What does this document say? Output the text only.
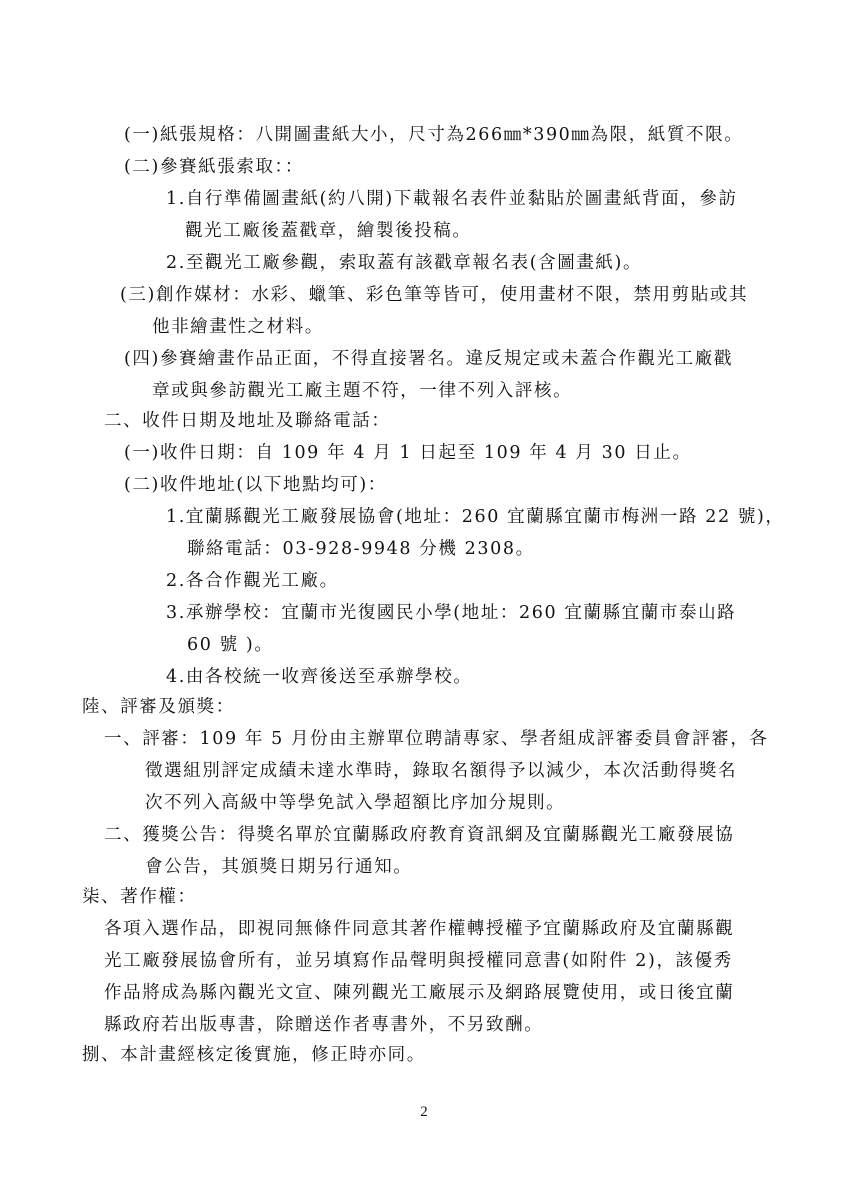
(一)紙張規格：八開圖畫紙大小，尺寸為266㎜*390㎜為限，紙質不限。
(二)參賽紙張索取：：
1.自行準備圖畫紙(約八開)下載報名表件並黏貼於圖畫紙背面，參訪
觀光工廠後蓋戳章，繪製後投稿。
2.至觀光工廠參觀，索取蓋有該戳章報名表(含圖畫紙)。
(三)創作媒材：水彩、蠟筆、彩色筆等皆可，使用畫材不限，禁用剪貼或其
他非繪畫性之材料。
(四)參賽繪畫作品正面，不得直接署名。違反規定或未蓋合作觀光工廠戳
章或與參訪觀光工廠主題不符，一律不列入評核。
二、收件日期及地址及聯絡電話：
(一)收件日期：自 109 年 4 月 1 日起至 109 年 4 月 30 日止。
(二)收件地址(以下地點均可)：
1.宜蘭縣觀光工廠發展協會(地址：260 宜蘭縣宜蘭市梅洲一路 22 號)，
聯絡電話：03-928-9948 分機 2308。
2.各合作觀光工廠。
3.承辦學校：宜蘭市光復國民小學(地址：260 宜蘭縣宜蘭市泰山路
60 號 )。
4.由各校統一收齊後送至承辦學校。
陸、評審及頒獎：
一、評審：109 年 5 月份由主辦單位聘請專家、學者組成評審委員會評審，各
徵選組別評定成績未達水準時，錄取名額得予以減少，本次活動得獎名
次不列入高級中等學免試入學超額比序加分規則。
二、獲獎公告：得獎名單於宜蘭縣政府教育資訊網及宜蘭縣觀光工廠發展協
會公告，其頒獎日期另行通知。
柒、著作權：
各項入選作品，即視同無條件同意其著作權轉授權予宜蘭縣政府及宜蘭縣觀
光工廠發展協會所有，並另填寫作品聲明與授權同意書(如附件 2)，該優秀
作品將成為縣內觀光文宣、陳列觀光工廠展示及網路展覽使用，或日後宜蘭
縣政府若出版專書，除贈送作者專書外，不另致酬。
捌、本計畫經核定後實施，修正時亦同。
2
